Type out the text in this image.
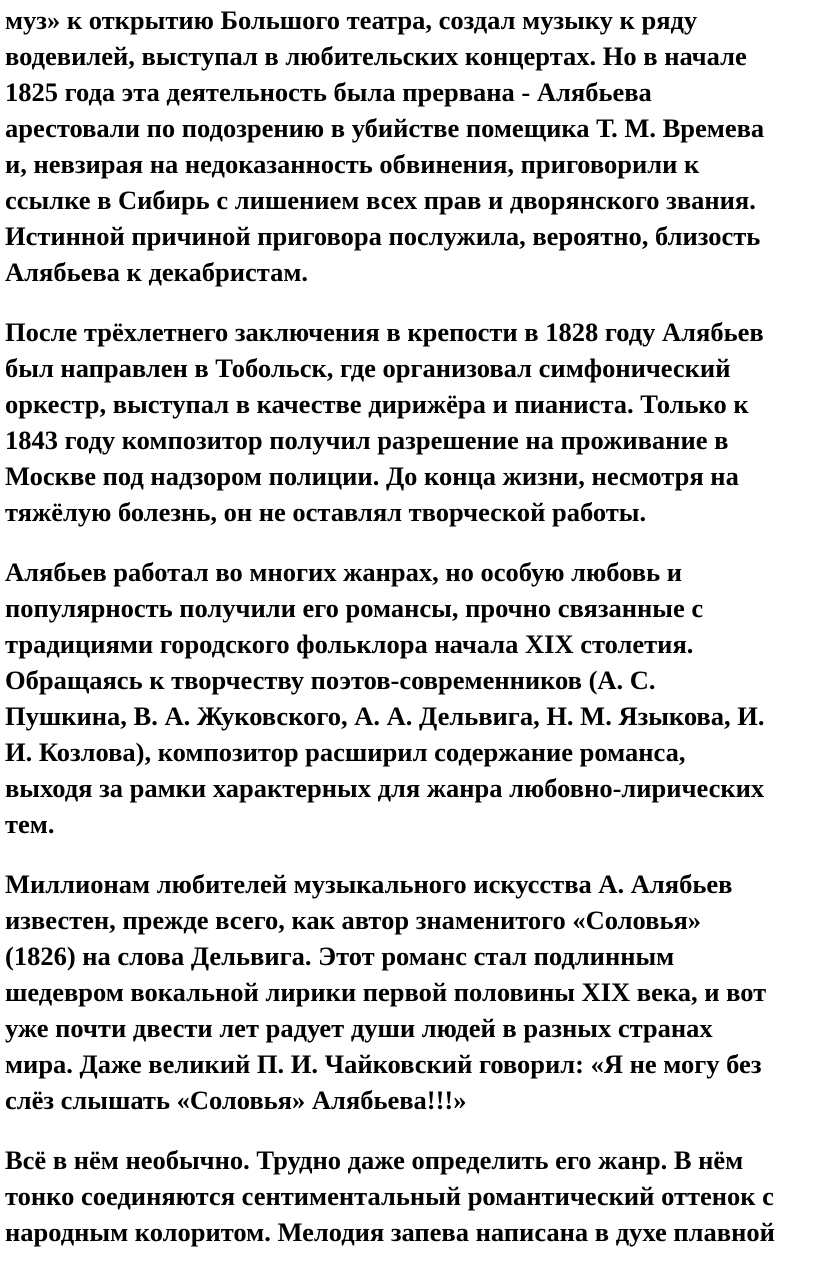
муз» к открытию Большого театра, создал музыку к ряду
водевилей, выступал в любительских концертах. Но в начале
1825 года эта деятельность была прервана - Алябьева
арестовали по подозрению в убийстве помещика Т. М. Времева
и, невзирая на недоказанность обвинения, приговорили к
ссылке в Сибирь с лишением всех прав и дворянского звания.
Истинной причиной приговора послужила, вероятно, близость
Алябьева к декабристам.
После трёхлетнего заключения в крепости в 1828 году Алябьев
был направлен в Тобольск, где организовал симфонический
оркестр, выступал в качестве дирижёра и пианиста. Только к
1843 году композитор получил разрешение на проживание в
Москве под надзором полиции. До конца жизни, несмотря на
тяжёлую болезнь, он не оставлял творческой работы.
Алябьев работал во многих жанрах, но особую любовь и
популярность получили его романсы, прочно связанные с
традициями городского фольклора начала XIX столетия.
Обращаясь к творчеству поэтов-современников (А. С.
Пушкина, В. А. Жуковского, А. А. Дельвига, Н. М. Языкова, И.
И. Козлова), композитор расширил содержание романса,
выходя за рамки характерных для жанра любовно-лирических
тем.
Миллионам любителей музыкального искусства А. Алябьев
известен, прежде всего, как автор знаменитого «Соловья»
(1826) на слова Дельвига. Этот романс стал подлинным
шедевром вокальной лирики первой половины XIX века, и вот
уже почти двести лет радует души людей в разных странах
мира. Даже великий П. И. Чайковский говорил: «Я не могу без
слёз слышать «Соловья» Алябьева!!!»
Всё в нём необычно. Трудно даже определить его жанр. В нём
тонко соединяются сентиментальный романтический оттенок с
народным колоритом. Мелодия запева написана в духе плавной
